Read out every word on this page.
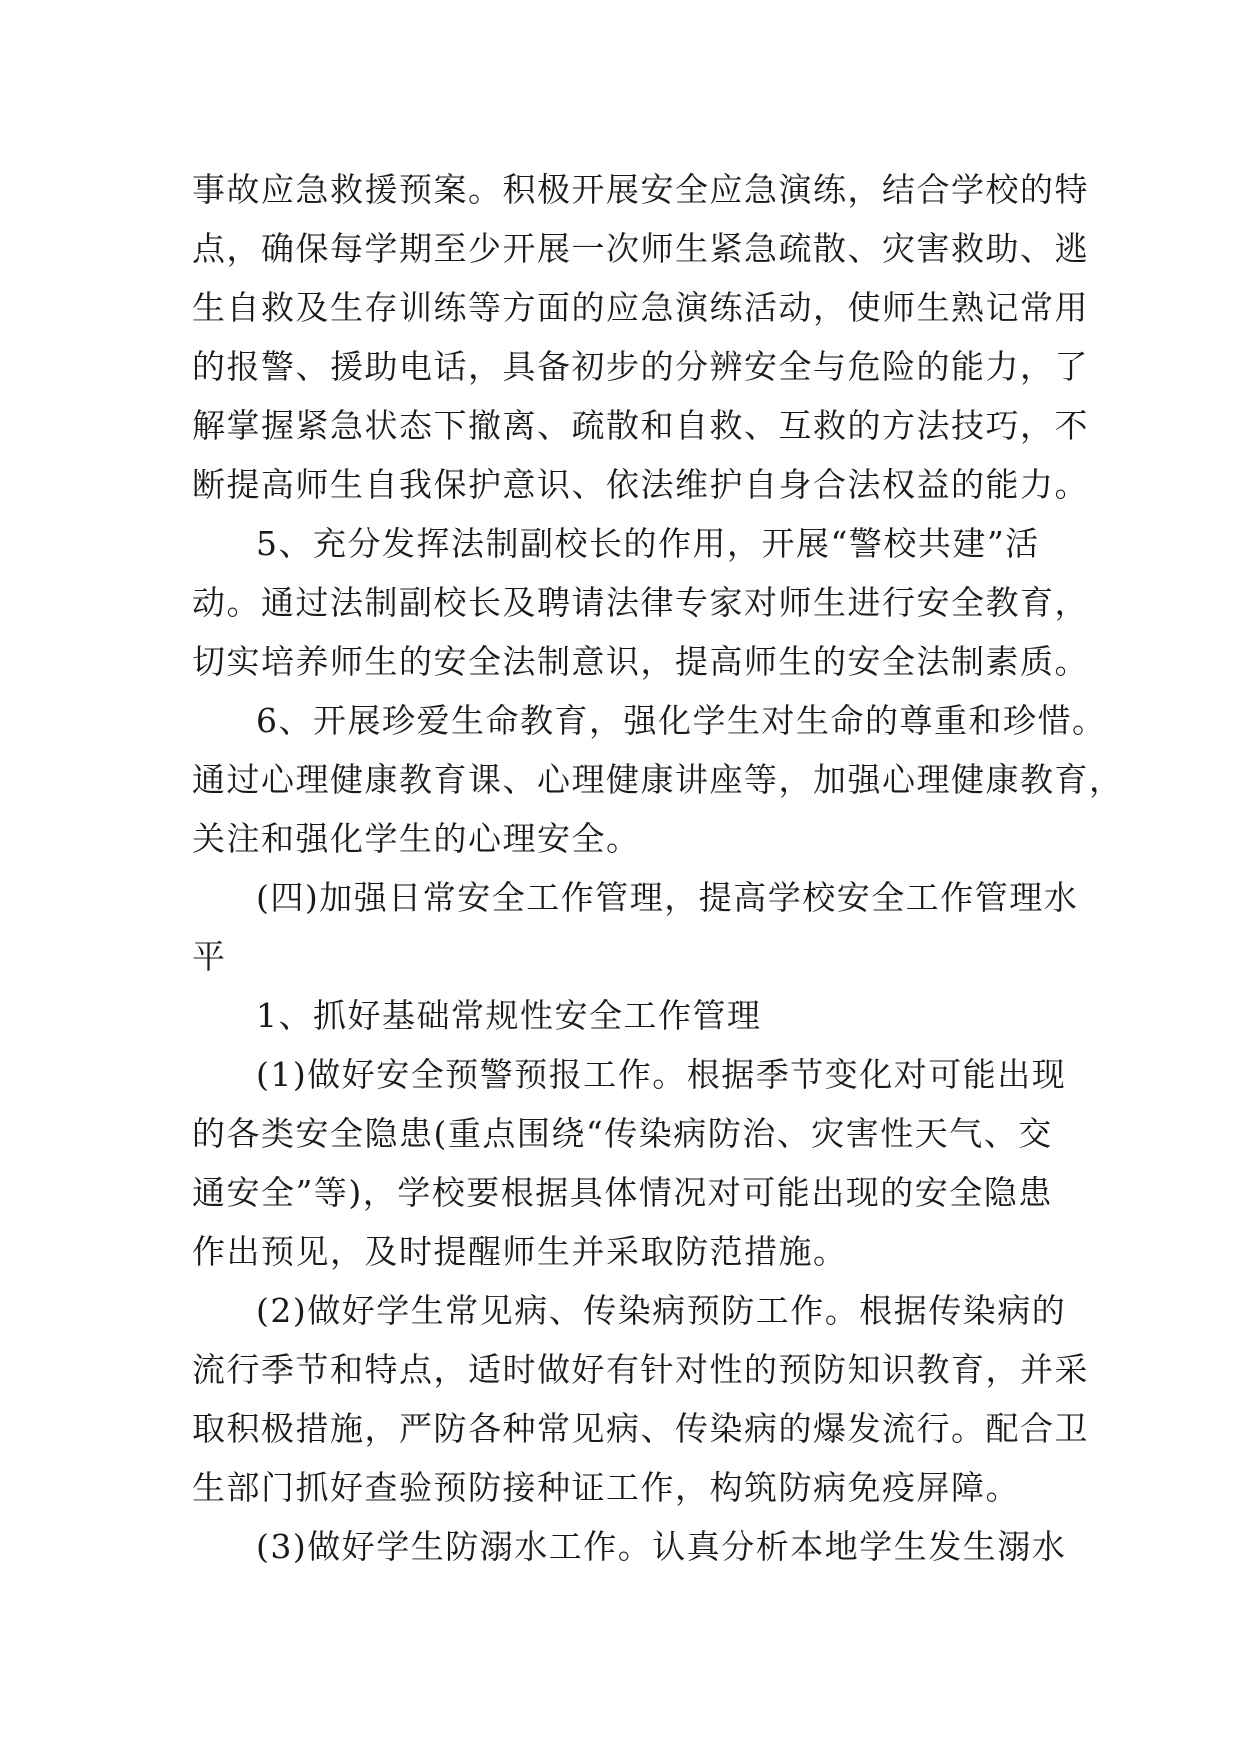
事故应急救援预案。积极开展安全应急演练，结合学校的特
点，确保每学期至少开展一次师生紧急疏散、灾害救助、逃
生自救及生存训练等方面的应急演练活动，使师生熟记常用
的报警、援助电话，具备初步的分辨安全与危险的能力，了
解掌握紧急状态下撤离、疏散和自救、互救的方法技巧，不
断提高师生自我保护意识、依法维护自身合法权益的能力。
5、充分发挥法制副校长的作用，开展“警校共建”活
动。通过法制副校长及聘请法律专家对师生进行安全教育，
切实培养师生的安全法制意识，提高师生的安全法制素质。
6、开展珍爱生命教育，强化学生对生命的尊重和珍惜。
通过心理健康教育课、心理健康讲座等，加强心理健康教育，
关注和强化学生的心理安全。
(四)加强日常安全工作管理，提高学校安全工作管理水
平
1、抓好基础常规性安全工作管理
(1)做好安全预警预报工作。根据季节变化对可能出现
的各类安全隐患(重点围绕“传染病防治、灾害性天气、交
通安全”等)，学校要根据具体情况对可能出现的安全隐患
作出预见，及时提醒师生并采取防范措施。
(2)做好学生常见病、传染病预防工作。根据传染病的
流行季节和特点，适时做好有针对性的预防知识教育，并采
取积极措施，严防各种常见病、传染病的爆发流行。配合卫
生部门抓好查验预防接种证工作，构筑防病免疫屏障。
(3)做好学生防溺水工作。认真分析本地学生发生溺水
